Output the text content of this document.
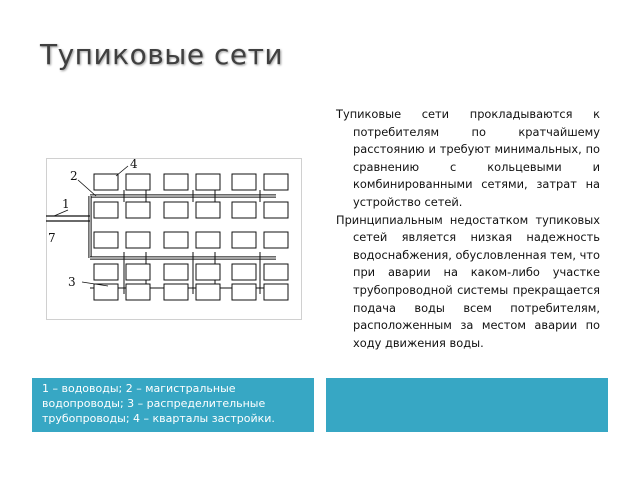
Тупиковые сети
1
2
3
4
7

Тупиковые сети прокладываются к потребителям по кратчайшему расстоянию и требуют минимальных, по сравнению с кольцевыми и комбинированными сетями, затрат на устройство сетей.

Принципиальным недостатком тупиковых сетей является низкая надежность водоснабжения, обусловленная тем, что при аварии на каком-либо участке трубопроводной системы прекращается подача воды всем потребителям, расположенным за местом аварии по ходу движения воды.

1 – водоводы; 2 – магистральные водопроводы; 3 – распределительные трубопроводы; 4 – кварталы застройки.
